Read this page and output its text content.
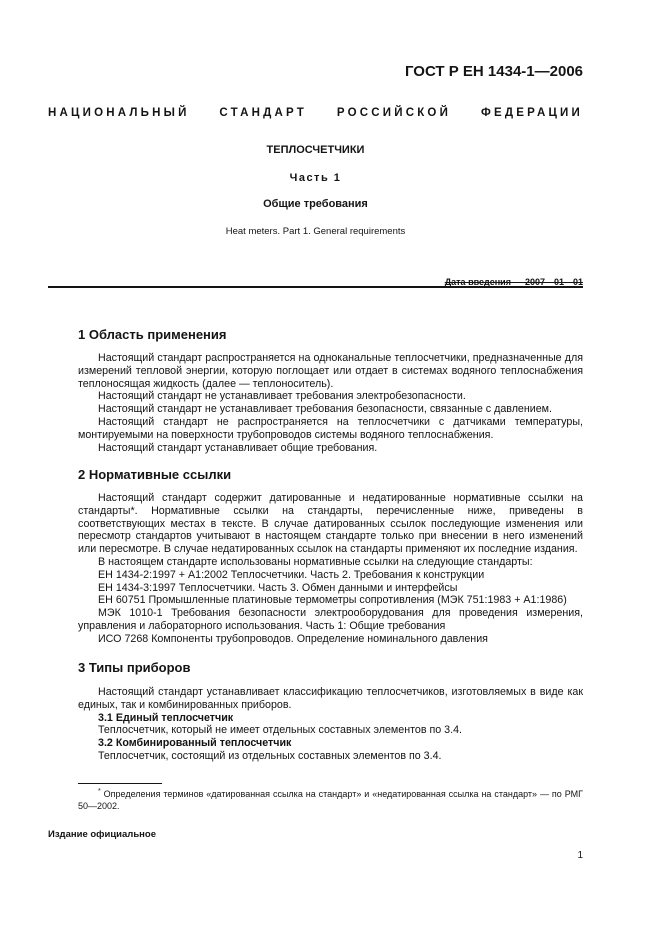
ГОСТ Р ЕН 1434-1—2006
НАЦИОНАЛЬНЫЙ СТАНДАРТ РОССИЙСКОЙ ФЕДЕРАЦИИ
ТЕПЛОСЧЕТЧИКИ
Часть 1
Общие требования
Heat meters. Part 1. General requirements
Дата введения — 2007—01—01
1 Область применения

Настоящий стандарт распространяется на одноканальные теплосчетчики, предназначенные для измерений тепловой энергии, которую поглощает или отдает в системах водяного теплоснабжения теплоносящая жидкость (далее — теплоноситель).

Настоящий стандарт не устанавливает требования электробезопасности.

Настоящий стандарт не устанавливает требования безопасности, связанные с давлением.

Настоящий стандарт не распространяется на теплосчетчики с датчиками температуры, монтируемыми на поверхности трубопроводов системы водяного теплоснабжения.

Настоящий стандарт устанавливает общие требования.

2 Нормативные ссылки

Настоящий стандарт содержит датированные и недатированные нормативные ссылки на стандарты*. Нормативные ссылки на стандарты, перечисленные ниже, приведены в соответствующих местах в тексте. В случае датированных ссылок последующие изменения или пересмотр стандартов учитывают в настоящем стандарте только при внесении в него изменений или пересмотре. В случае недатированных ссылок на стандарты применяют их последние издания.

В настоящем стандарте использованы нормативные ссылки на следующие стандарты:

ЕН 1434-2:1997 + А1:2002 Теплосчетчики. Часть 2. Требования к конструкции

ЕН 1434-3:1997 Теплосчетчики. Часть 3. Обмен данными и интерфейсы

ЕН 60751 Промышленные платиновые термометры сопротивления (МЭК 751:1983 + А1:1986)

МЭК 1010-1 Требования безопасности электрооборудования для проведения измерения, управления и лабораторного использования. Часть 1: Общие требования

ИСО 7268 Компоненты трубопроводов. Определение номинального давления

3 Типы приборов

Настоящий стандарт устанавливает классификацию теплосчетчиков, изготовляемых в виде как единых, так и комбинированных приборов.

3.1 Единый теплосчетчик

Теплосчетчик, который не имеет отдельных составных элементов по 3.4.

3.2 Комбинированный теплосчетчик

Теплосчетчик, состоящий из отдельных составных элементов по 3.4.

* Определения терминов «датированная ссылка на стандарт» и «недатированная ссылка на стандарт» — по РМГ 50—2002.
Издание официальное
1
